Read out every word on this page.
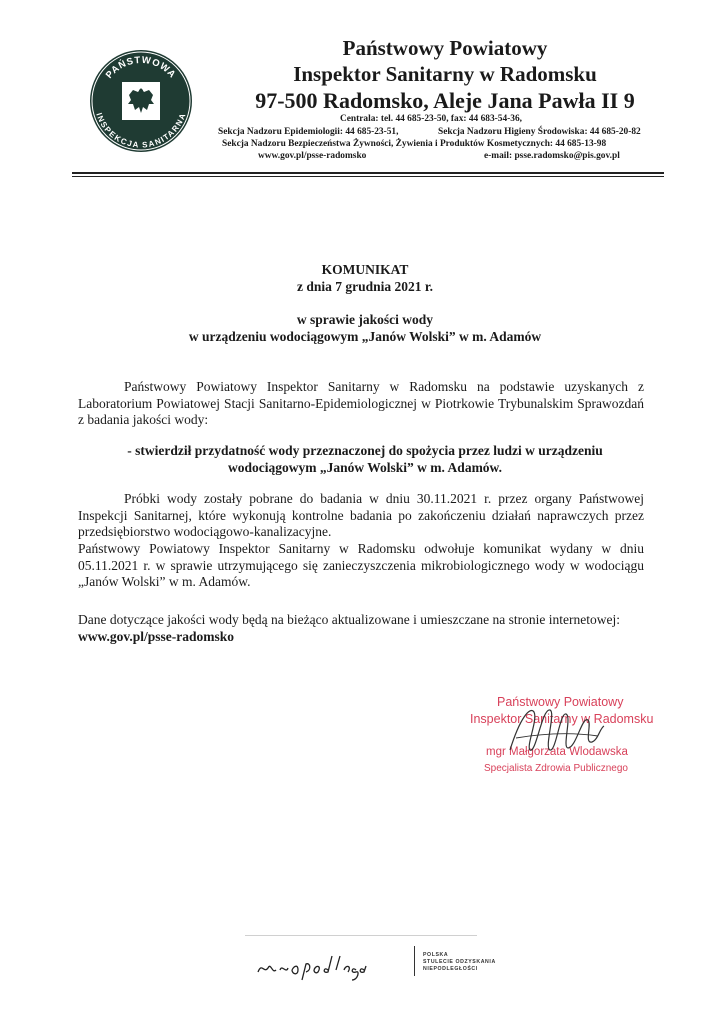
PAŃSTWOWA
INSPEKCJA SANITARNA
Państwowy Powiatowy
Inspektor Sanitarny w Radomsku
97-500 Radomsko, Aleje Jana Pawła II 9
Centrala: tel. 44 685-23-50, fax: 44 683-54-36,
Sekcja Nadzoru Epidemiologii: 44 685-23-51,	Sekcja Nadzoru Higieny Środowiska: 44 685-20-82
Sekcja Nadzoru Bezpieczeństwa Żywności, Żywienia i Produktów Kosmetycznych: 44 685-13-98
www.gov.pl/psse-radomsko	e-mail: psse.radomsko@pis.gov.pl
KOMUNIKAT
z dnia 7 grudnia 2021 r.
w sprawie jakości wody
w urządzeniu wodociągowym „Janów Wolski” w m. Adamów
Państwowy Powiatowy Inspektor Sanitarny w Radomsku na podstawie uzyskanych z Laboratorium Powiatowej Stacji Sanitarno-Epidemiologicznej w Piotrkowie Trybunalskim Sprawozdań z badania jakości wody:
- stwierdził przydatność wody przeznaczonej do spożycia przez ludzi w urządzeniu
wodociągowym „Janów Wolski” w m. Adamów.
Próbki wody zostały pobrane do badania w dniu 30.11.2021 r. przez organy Państwowej Inspekcji Sanitarnej, które wykonują kontrolne badania po zakończeniu działań naprawczych przez przedsiębiorstwo wodociągowo-kanalizacyjne.
Państwowy Powiatowy Inspektor Sanitarny w Radomsku odwołuje komunikat wydany w dniu 05.11.2021 r. w sprawie utrzymującego się zanieczyszczenia mikrobiologicznego wody w wodociągu „Janów Wolski” w m. Adamów.
Dane dotyczące jakości wody będą na bieżąco aktualizowane i umieszczane na stronie internetowej:
www.gov.pl/psse-radomsko
Państwowy Powiatowy
Inspektor Sanitarny w Radomsku
mgr Małgorzata Wlodawska
Specjalista Zdrowia Publicznego
POLSKA
STULECIE ODZYSKANIA
NIEPODLEGŁOŚCI
